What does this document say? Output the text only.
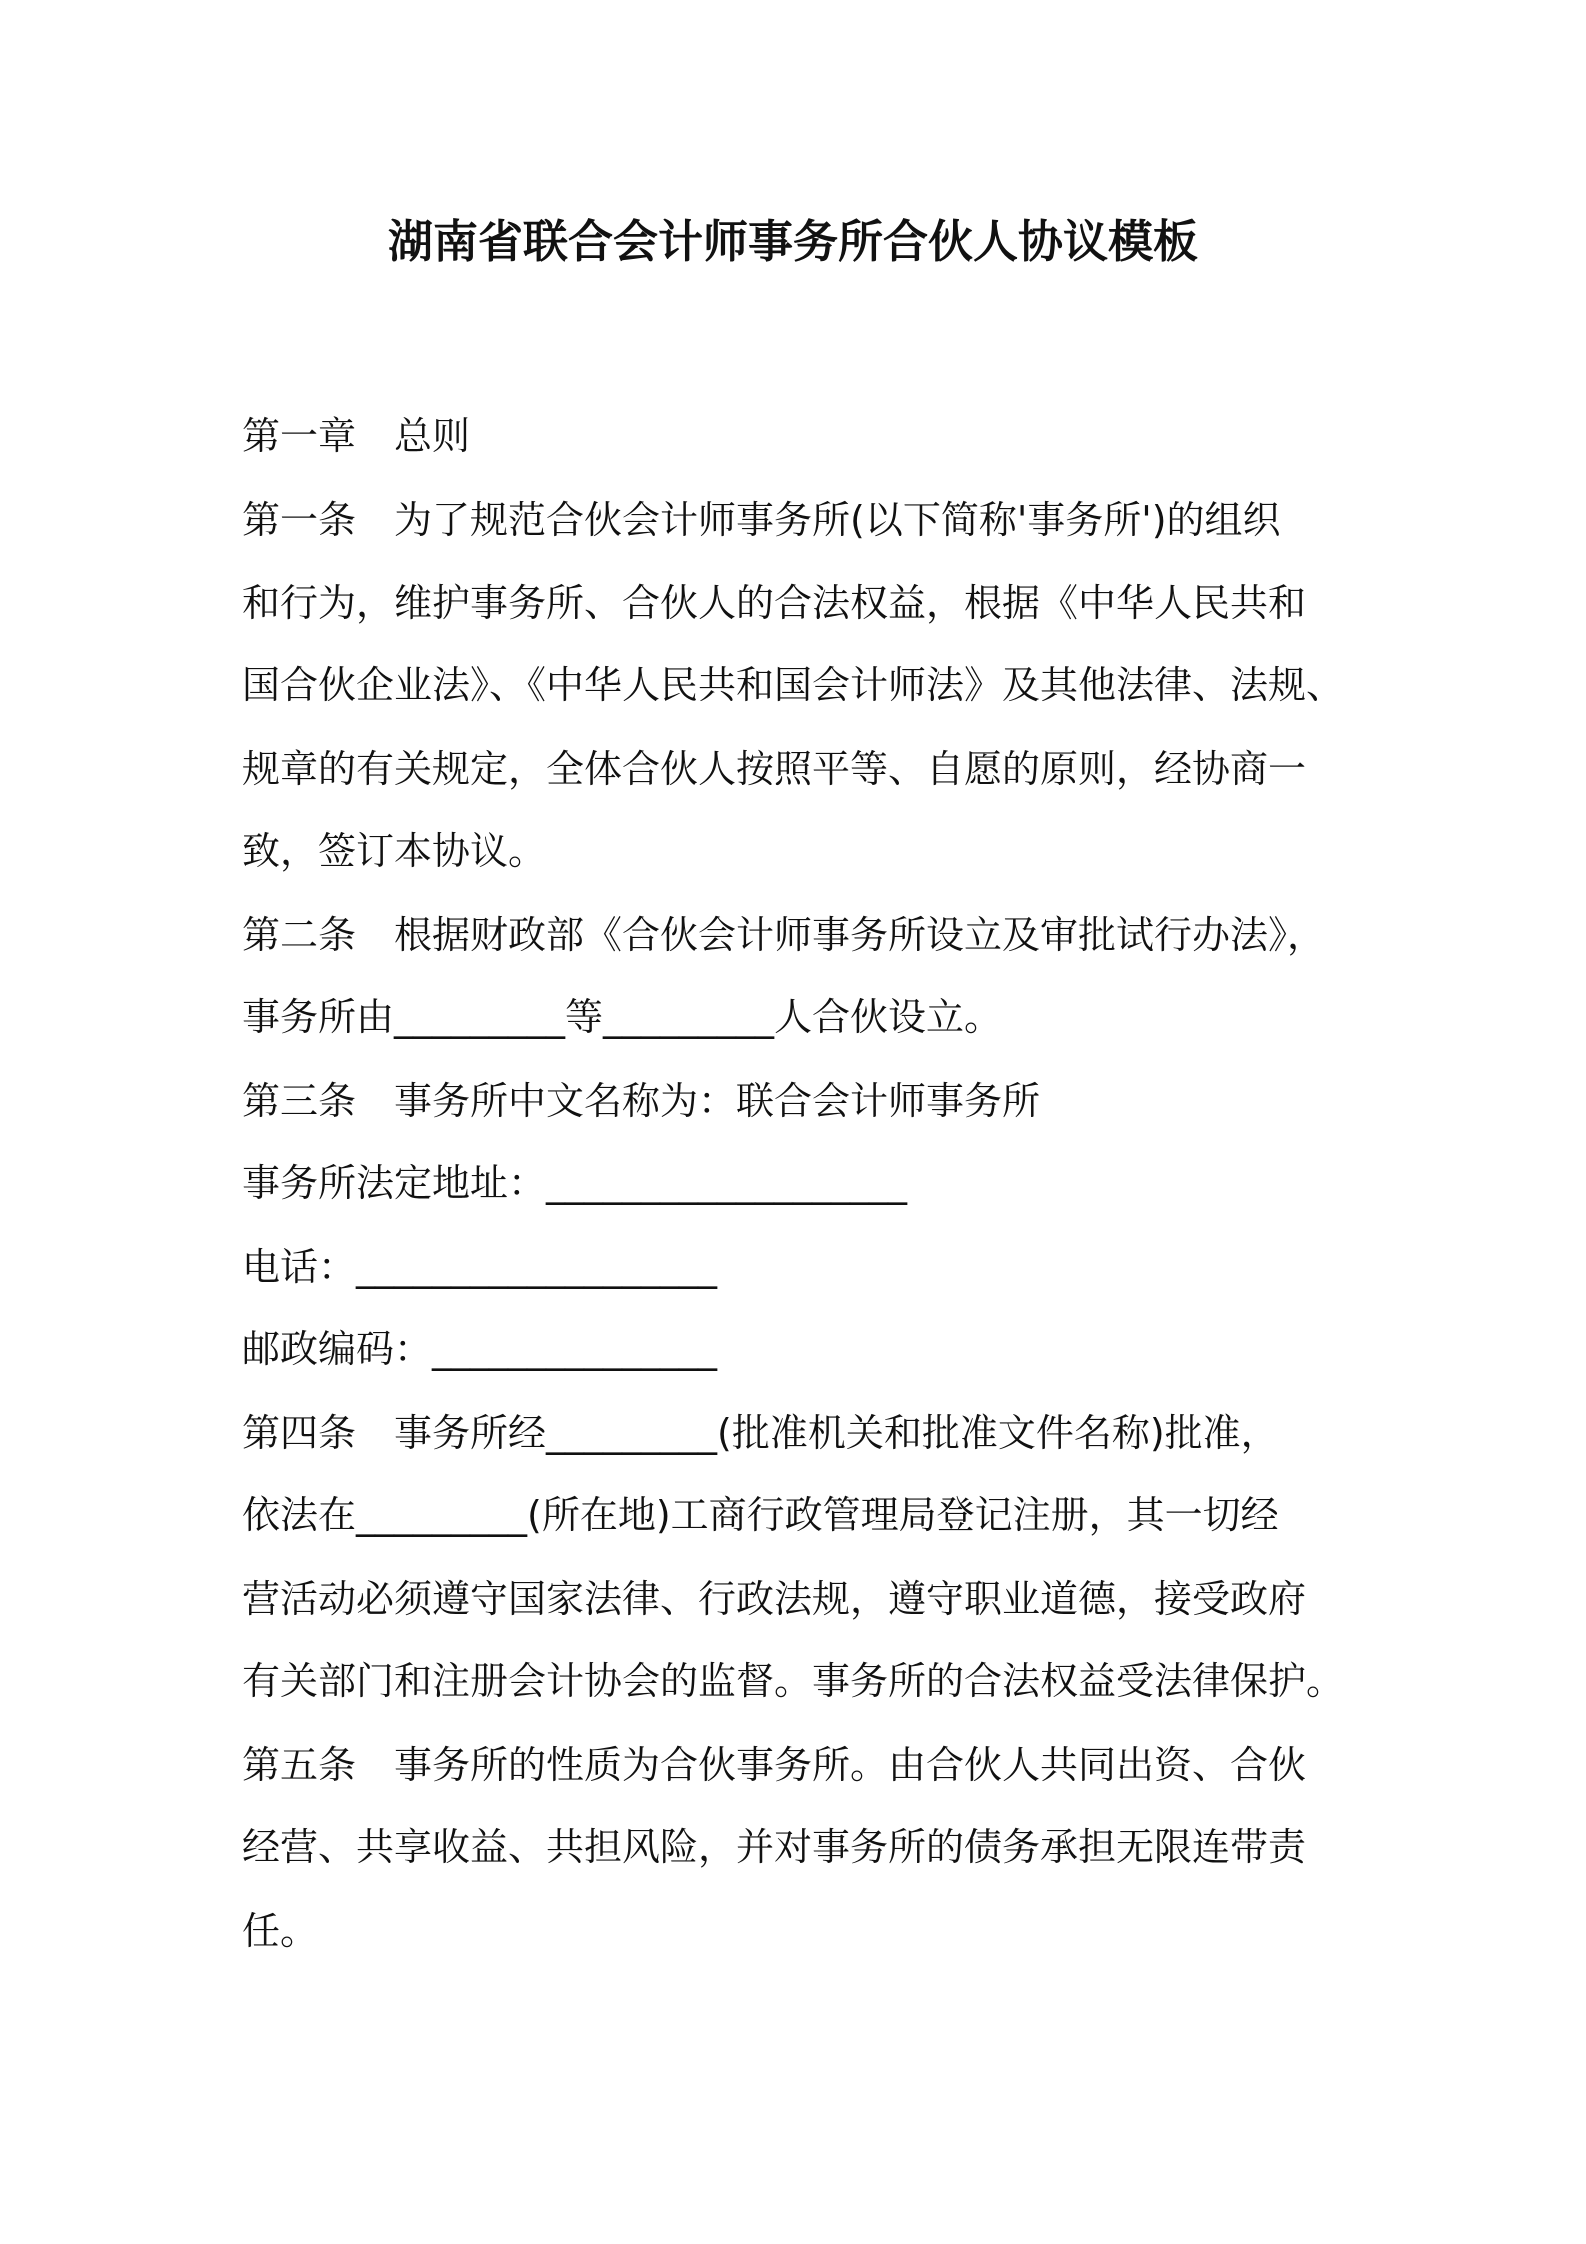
湖南省联合会计师事务所合伙人协议模板
第一章　总则
第一条　为了规范合伙会计师事务所(以下简称'事务所')的组织
和行为，维护事务所、合伙人的合法权益，根据《中华人民共和
国合伙企业法》、《中华人民共和国会计师法》及其他法律、法规、
规章的有关规定，全体合伙人按照平等、自愿的原则，经协商一
致，签订本协议。
第二条　根据财政部《合伙会计师事务所设立及审批试行办法》，
事务所由_________等_________人合伙设立。
第三条　事务所中文名称为：联合会计师事务所
事务所法定地址：___________________
电话：___________________
邮政编码：_______________
第四条　事务所经_________(批准机关和批准文件名称)批准，
依法在_________(所在地)工商行政管理局登记注册，其一切经
营活动必须遵守国家法律、行政法规，遵守职业道德，接受政府
有关部门和注册会计协会的监督。事务所的合法权益受法律保护。
第五条　事务所的性质为合伙事务所。由合伙人共同出资、合伙
经营、共享收益、共担风险，并对事务所的债务承担无限连带责
任。
